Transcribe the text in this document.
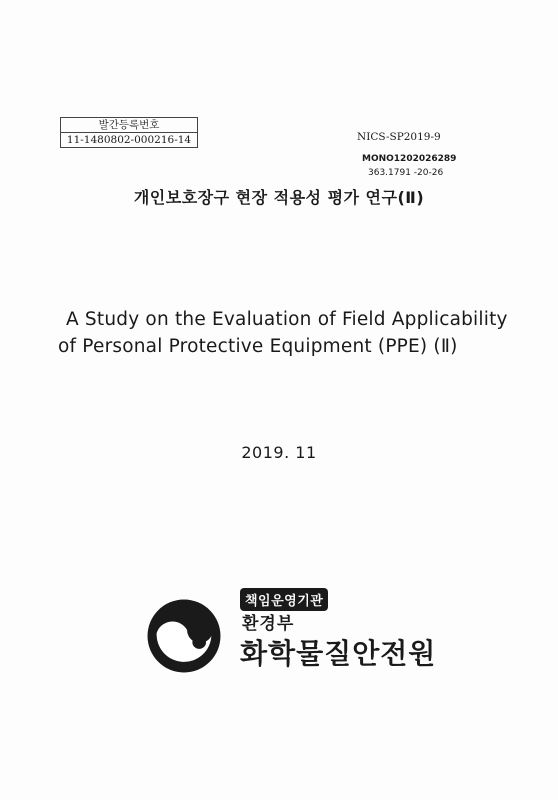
발간등록번호
11-1480802-000216-14	NICS-SP2019-9
MONO1202026289
363.1791 -20-26
개인보호장구 현장 적용성 평가 연구(Ⅱ)
A Study on the Evaluation of Field Applicability
of Personal Protective Equipment (PPE) (Ⅱ)
2019. 11
책임운영기관
환경부
화학물질안전원
